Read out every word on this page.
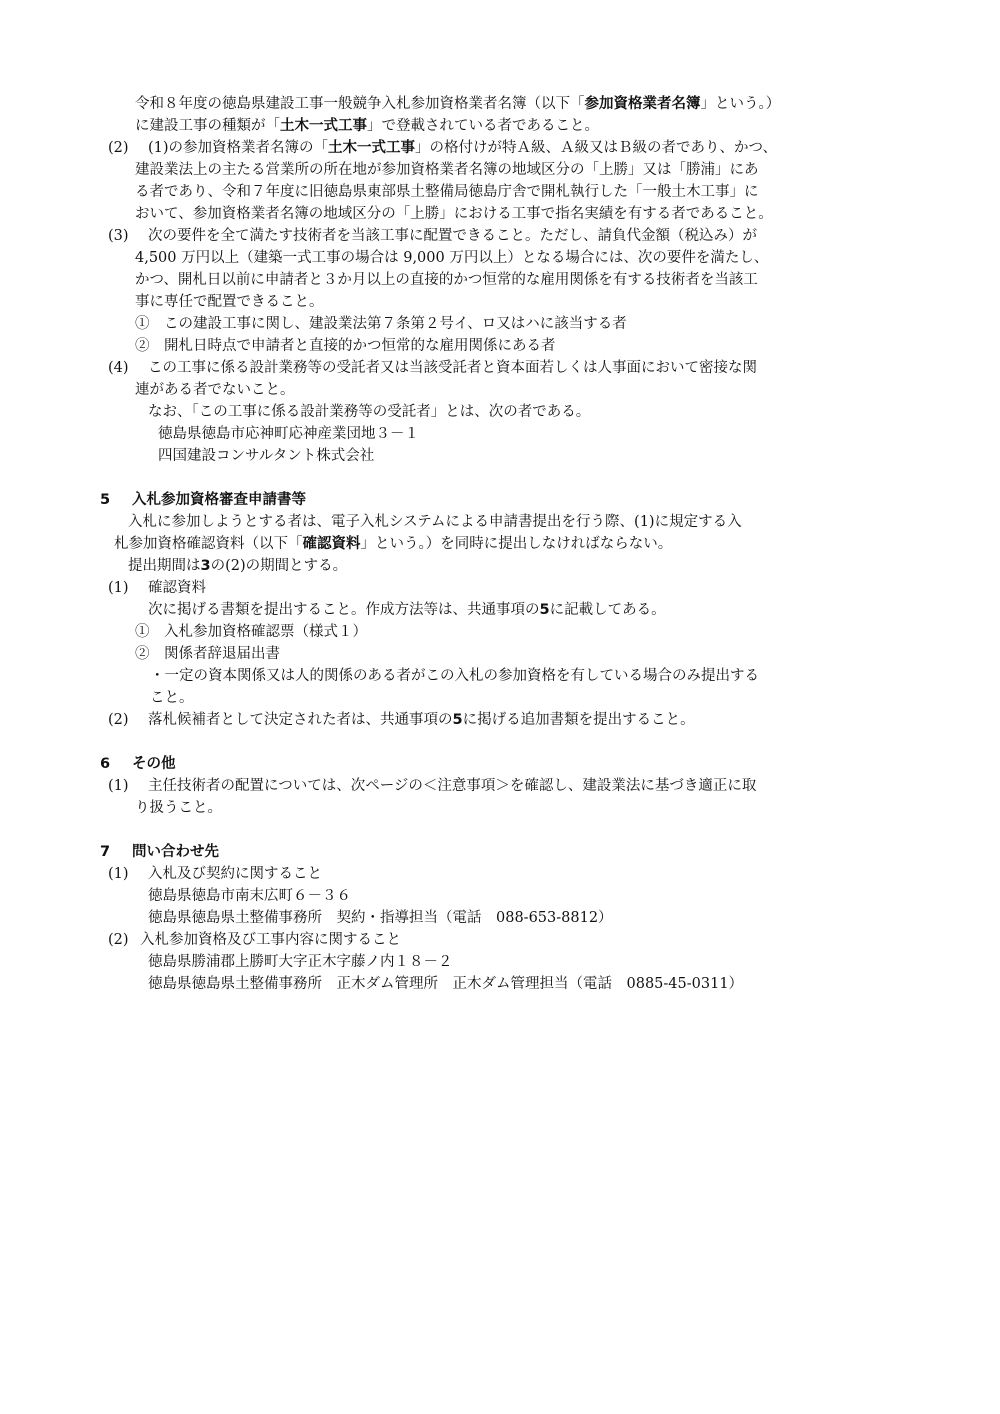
令和８年度の徳島県建設工事一般競争入札参加資格業者名簿（以下「参加資格業者名簿」という。）
に建設工事の種類が「土木一式工事」で登載されている者であること。
(2) (1)の参加資格業者名簿の「土木一式工事」の格付けが特Ａ級、Ａ級又はＢ級の者であり、かつ、
建設業法上の主たる営業所の所在地が参加資格業者名簿の地域区分の「上勝」又は「勝浦」にあ
る者であり、令和７年度に旧徳島県東部県土整備局徳島庁舎で開札執行した「一般土木工事」に
おいて、参加資格業者名簿の地域区分の「上勝」における工事で指名実績を有する者であること。
(3) 次の要件を全て満たす技術者を当該工事に配置できること。ただし、請負代金額（税込み）が
4,500 万円以上（建築一式工事の場合は 9,000 万円以上）となる場合には、次の要件を満たし、
かつ、開札日以前に申請者と３か月以上の直接的かつ恒常的な雇用関係を有する技術者を当該工
事に専任で配置できること。
①　この建設工事に関し、建設業法第７条第２号イ、ロ又はハに該当する者
②　開札日時点で申請者と直接的かつ恒常的な雇用関係にある者
(4) この工事に係る設計業務等の受託者又は当該受託者と資本面若しくは人事面において密接な関
連がある者でないこと。
なお、「この工事に係る設計業務等の受託者」とは、次の者である。
徳島県徳島市応神町応神産業団地３－１
四国建設コンサルタント株式会社
5 入札参加資格審査申請書等
入札に参加しようとする者は、電子入札システムによる申請書提出を行う際、(1)に規定する入
札参加資格確認資料（以下「確認資料」という。）を同時に提出しなければならない。
提出期間は3の(2)の期間とする。
(1) 確認資料
次に掲げる書類を提出すること。作成方法等は、共通事項の5に記載してある。
①　入札参加資格確認票（様式１）
②　関係者辞退届出書
・一定の資本関係又は人的関係のある者がこの入札の参加資格を有している場合のみ提出する
こと。
(2) 落札候補者として決定された者は、共通事項の5に掲げる追加書類を提出すること。
6 その他
(1) 主任技術者の配置については、次ページの＜注意事項＞を確認し、建設業法に基づき適正に取
り扱うこと。
7 問い合わせ先
(1) 入札及び契約に関すること
徳島県徳島市南末広町６－３６
徳島県徳島県土整備事務所　契約・指導担当（電話　088-653-8812）
(2) 入札参加資格及び工事内容に関すること
徳島県勝浦郡上勝町大字正木字藤ノ内１８－２
徳島県徳島県土整備事務所　正木ダム管理所　正木ダム管理担当（電話　0885-45-0311）
